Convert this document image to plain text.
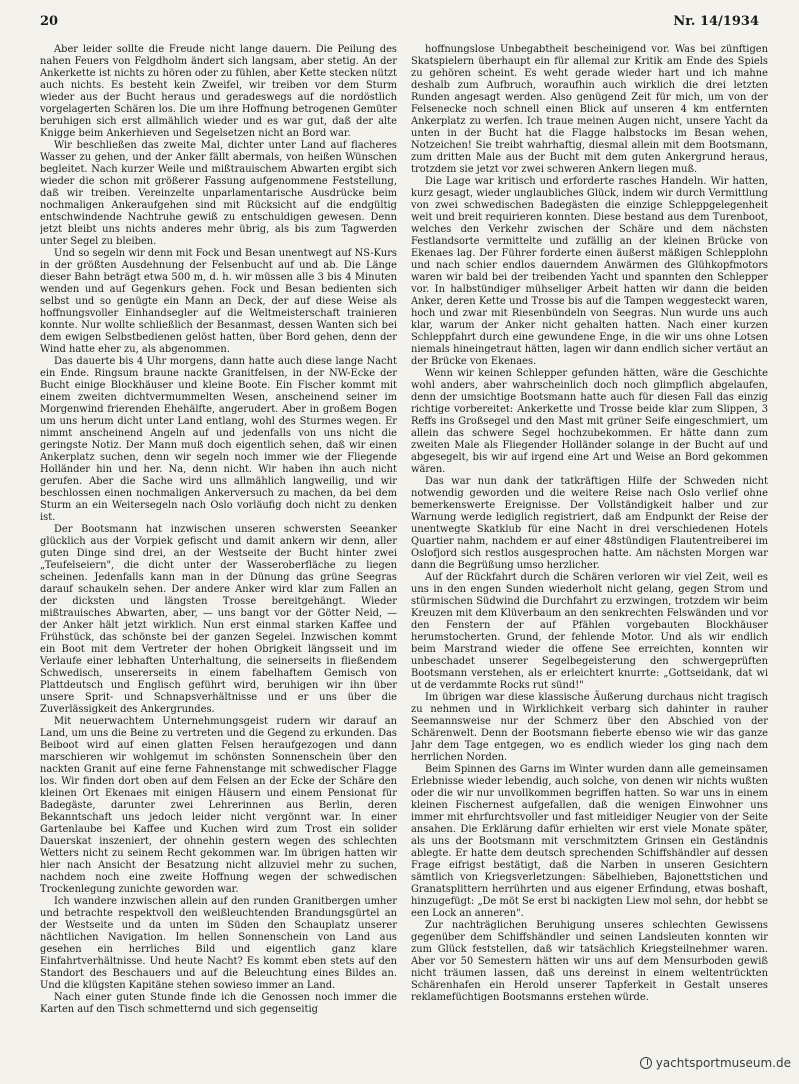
20	Nr. 14/1934

Aber leider sollte die Freude nicht lange dauern. Die Peilung des nahen Feuers von Felgdholm ändert sich langsam, aber stetig. An der Ankerkette ist nichts zu hören oder zu fühlen, aber Kette stecken nützt auch nichts. Es besteht kein Zweifel, wir treiben vor dem Sturm wieder aus der Bucht heraus und geradeswegs auf die nordöstlich vorgelagerten Schären los. Die um ihre Hoffnung betrogenen Gemüter beruhigen sich erst allmählich wieder und es war gut, daß der alte Knigge beim Ankerhieven und Segelsetzen nicht an Bord war.

Wir beschließen das zweite Mal, dichter unter Land auf flacheres Wasser zu gehen, und der Anker fällt abermals, von heißen Wünschen begleitet. Nach kurzer Weile und mißtrauischem Abwarten ergibt sich wieder die schon mit größerer Fassung aufgenommene Feststellung, daß wir treiben. Vereinzelte unparlamentarische Ausdrücke beim nochmaligen Ankeraufgehen sind mit Rücksicht auf die endgültig entschwindende Nachtruhe gewiß zu entschuldigen gewesen. Denn jetzt bleibt uns nichts anderes mehr übrig, als bis zum Tagwerden unter Segel zu bleiben.

Und so segeln wir denn mit Fock und Besan unentwegt auf NS-Kurs in der größten Ausdehnung der Felsenbucht auf und ab. Die Länge dieser Bahn beträgt etwa 500 m, d. h. wir müssen alle 3 bis 4 Minuten wenden und auf Gegenkurs gehen. Fock und Besan bedienten sich selbst und so genügte ein Mann an Deck, der auf diese Weise als hoffnungsvoller Einhandsegler auf die Weltmeisterschaft trainieren konnte. Nur wollte schließlich der Besanmast, dessen Wanten sich bei dem ewigen Selbstbedienen gelöst hatten, über Bord gehen, denn der Wind hatte eher zu, als abgenommen.

Das dauerte bis 4 Uhr morgens, dann hatte auch diese lange Nacht ein Ende. Ringsum braune nackte Granitfelsen, in der NW-Ecke der Bucht einige Blockhäuser und kleine Boote. Ein Fischer kommt mit einem zweiten dichtvermummelten Wesen, anscheinend seiner im Morgenwind frierenden Ehehälfte, angerudert. Aber in großem Bogen um uns herum dicht unter Land entlang, wohl des Sturmes wegen. Er nimmt anscheinend Angeln auf und jedenfalls von uns nicht die geringste Notiz. Der Mann muß doch eigentlich sehen, daß wir einen Ankerplatz suchen, denn wir segeln noch immer wie der Fliegende Holländer hin und her. Na, denn nicht. Wir haben ihn auch nicht gerufen. Aber die Sache wird uns allmählich langweilig, und wir beschlossen einen nochmaligen Ankerversuch zu machen, da bei dem Sturm an ein Weitersegeln nach Oslo vorläufig doch nicht zu denken ist.

Der Bootsmann hat inzwischen unseren schwersten Seeanker glücklich aus der Vorpiek gefischt und damit ankern wir denn, aller guten Dinge sind drei, an der Westseite der Bucht hinter zwei „Teufelseiern", die dicht unter der Wasseroberfläche zu liegen scheinen. Jedenfalls kann man in der Dünung das grüne Seegras darauf schaukeln sehen. Der andere Anker wird klar zum Fallen an der dicksten und längsten Trosse bereitgehängt. Wieder mißtrauisches Abwarten, aber, — uns bangt vor der Götter Neid, — der Anker hält jetzt wirklich. Nun erst einmal starken Kaffee und Frühstück, das schönste bei der ganzen Segelei. Inzwischen kommt ein Boot mit dem Vertreter der hohen Obrigkeit längsseit und im Verlaufe einer lebhaften Unterhaltung, die seinerseits in fließendem Schwedisch, unsererseits in einem fabelhaftem Gemisch von Plattdeutsch und Englisch geführt wird, beruhigen wir ihn über unsere Sprit- und Schnapsverhältnisse und er uns über die Zuverlässigkeit des Ankergrundes.

Mit neuerwachtem Unternehmungsgeist rudern wir darauf an Land, um uns die Beine zu vertreten und die Gegend zu erkunden. Das Beiboot wird auf einen glatten Felsen heraufgezogen und dann marschieren wir wohlgemut im schönsten Sonnenschein über den nackten Granit auf eine ferne Fahnenstange mit schwedischer Flagge los. Wir finden dort oben auf dem Felsen an der Ecke der Schäre den kleinen Ort Ekenaes mit einigen Häusern und einem Pensionat für Badegäste, darunter zwei Lehrerinnen aus Berlin, deren Bekanntschaft uns jedoch leider nicht vergönnt war. In einer Gartenlaube bei Kaffee und Kuchen wird zum Trost ein solider Dauerskat inszeniert, der ohnehin gestern wegen des schlechten Wetters nicht zu seinem Recht gekommen war. Im übrigen hatten wir hier nach Ansicht der Besatzung nicht allzuviel mehr zu suchen, nachdem noch eine zweite Hoffnung wegen der schwedischen Trockenlegung zunichte geworden war.

Ich wandere inzwischen allein auf den runden Granitbergen umher und betrachte respektvoll den weißleuchtenden Brandungsgürtel an der Westseite und da unten im Süden den Schauplatz unserer nächtlichen Navigation. Im hellen Sonnenschein von Land aus gesehen ein herrliches Bild und eigentlich ganz klare Einfahrtverhältnisse. Und heute Nacht? Es kommt eben stets auf den Standort des Beschauers und auf die Beleuchtung eines Bildes an. Und die klügsten Kapitäne stehen sowieso immer an Land.

Nach einer guten Stunde finde ich die Genossen noch immer die Karten auf den Tisch schmetternd und sich gegenseitig

hoffnungslose Unbegabtheit bescheinigend vor. Was bei zünftigen Skatspielern überhaupt ein für allemal zur Kritik am Ende des Spiels zu gehören scheint. Es weht gerade wieder hart und ich mahne deshalb zum Aufbruch, woraufhin auch wirklich die drei letzten Runden angesagt werden. Also genügend Zeit für mich, um von der Felsenecke noch schnell einen Blick auf unseren 4 km entfernten Ankerplatz zu werfen. Ich traue meinen Augen nicht, unsere Yacht da unten in der Bucht hat die Flagge halbstocks im Besan wehen, Notzeichen! Sie treibt wahrhaftig, diesmal allein mit dem Bootsmann, zum dritten Male aus der Bucht mit dem guten Ankergrund heraus, trotzdem sie jetzt vor zwei schweren Ankern liegen muß.

Die Lage war kritisch und erforderte rasches Handeln. Wir hatten, kurz gesagt, wieder unglaubliches Glück, indem wir durch Vermittlung von zwei schwedischen Badegästen die einzige Schleppgelegenheit weit und breit requirieren konnten. Diese bestand aus dem Turenboot, welches den Verkehr zwischen der Schäre und dem nächsten Festlandsorte vermittelte und zufällig an der kleinen Brücke von Ekenaes lag. Der Führer forderte einen äußerst mäßigen Schlepplohn und nach schier endlos dauerndem Anwärmen des Glühkopfmotors waren wir bald bei der treibenden Yacht und spannten den Schlepper vor. In halbstündiger mühseliger Arbeit hatten wir dann die beiden Anker, deren Kette und Trosse bis auf die Tampen weggesteckt waren, hoch und zwar mit Riesenbündeln von Seegras. Nun wurde uns auch klar, warum der Anker nicht gehalten hatten. Nach einer kurzen Schleppfahrt durch eine gewundene Enge, in die wir uns ohne Lotsen niemals hineingetraut hätten, lagen wir dann endlich sicher vertäut an der Brücke von Ekenaes.

Wenn wir keinen Schlepper gefunden hätten, wäre die Geschichte wohl anders, aber wahrscheinlich doch noch glimpflich abgelaufen, denn der umsichtige Bootsmann hatte auch für diesen Fall das einzig richtige vorbereitet: Ankerkette und Trosse beide klar zum Slippen, 3 Reffs ins Großsegel und den Mast mit grüner Seife eingeschmiert, um allein das schwere Segel hochzubekommen. Er hätte dann zum zweiten Male als Fliegender Holländer solange in der Bucht auf und abgesegelt, bis wir auf irgend eine Art und Weise an Bord gekommen wären.

Das war nun dank der tatkräftigen Hilfe der Schweden nicht notwendig geworden und die weitere Reise nach Oslo verlief ohne bemerkenswerte Ereignisse. Der Vollständigkeit halber und zur Warnung werde lediglich registriert, daß am Endpunkt der Reise der unentwegte Skatklub für eine Nacht in drei verschiedenen Hotels Quartier nahm, nachdem er auf einer 48stündigen Flautentreiberei im Oslofjord sich restlos ausgesprochen hatte. Am nächsten Morgen war dann die Begrüßung umso herzlicher.

Auf der Rückfahrt durch die Schären verloren wir viel Zeit, weil es uns in den engen Sunden wiederholt nicht gelang, gegen Strom und stürmischen Südwind die Durchfahrt zu erzwingen, trotzdem wir beim Kreuzen mit dem Klüverbaum an den senkrechten Felswänden und vor den Fenstern der auf Pfählen vorgebauten Blockhäuser herumstocherten. Grund, der fehlende Motor. Und als wir endlich beim Marstrand wieder die offene See erreichten, konnten wir unbeschadet unserer Segelbegeisterung den schwergeprüften Bootsmann verstehen, als er erleichtert knurrte: „Gottseidank, dat wi ut de verdammte Rocks rut sünd!"

Im übrigen war diese klassische Äußerung durchaus nicht tragisch zu nehmen und in Wirklichkeit verbarg sich dahinter in rauher Seemannsweise nur der Schmerz über den Abschied von der Schärenwelt. Denn der Bootsmann fieberte ebenso wie wir das ganze Jahr dem Tage entgegen, wo es endlich wieder los ging nach dem herrlichen Norden.

Beim Spinnen des Garns im Winter wurden dann alle gemeinsamen Erlebnisse wieder lebendig, auch solche, von denen wir nichts wußten oder die wir nur unvollkommen begriffen hatten. So war uns in einem kleinen Fischernest aufgefallen, daß die wenigen Einwohner uns immer mit ehrfurchtsvoller und fast mitleidiger Neugier von der Seite ansahen. Die Erklärung dafür erhielten wir erst viele Monate später, als uns der Bootsmann mit verschmitztem Grinsen ein Geständnis ablegte. Er hatte dem deutsch sprechenden Schiffshändler auf dessen Frage eifrigst bestätigt, daß die Narben in unseren Gesichtern sämtlich von Kriegsverletzungen: Säbelhieben, Bajonettstichen und Granatsplittern herrührten und aus eigener Erfindung, etwas boshaft, hinzugefügt: „De möt Se erst bi nackigten Liew mol sehn, dor hebbt se een Lock an anneren".

Zur nachträglichen Beruhigung unseres schlechten Gewissens gegenüber dem Schiffshändler und seinen Landsleuten konnten wir zum Glück feststellen, daß wir tatsächlich Kriegsteilnehmer waren. Aber vor 50 Semestern hätten wir uns auf dem Mensurboden gewiß nicht träumen lassen, daß uns dereinst in einem weltentrückten Schärenhafen ein Herold unserer Tapferkeit in Gestalt unseres reklamefüchtigen Bootsmanns erstehen würde.

yachtsportmuseum.de
